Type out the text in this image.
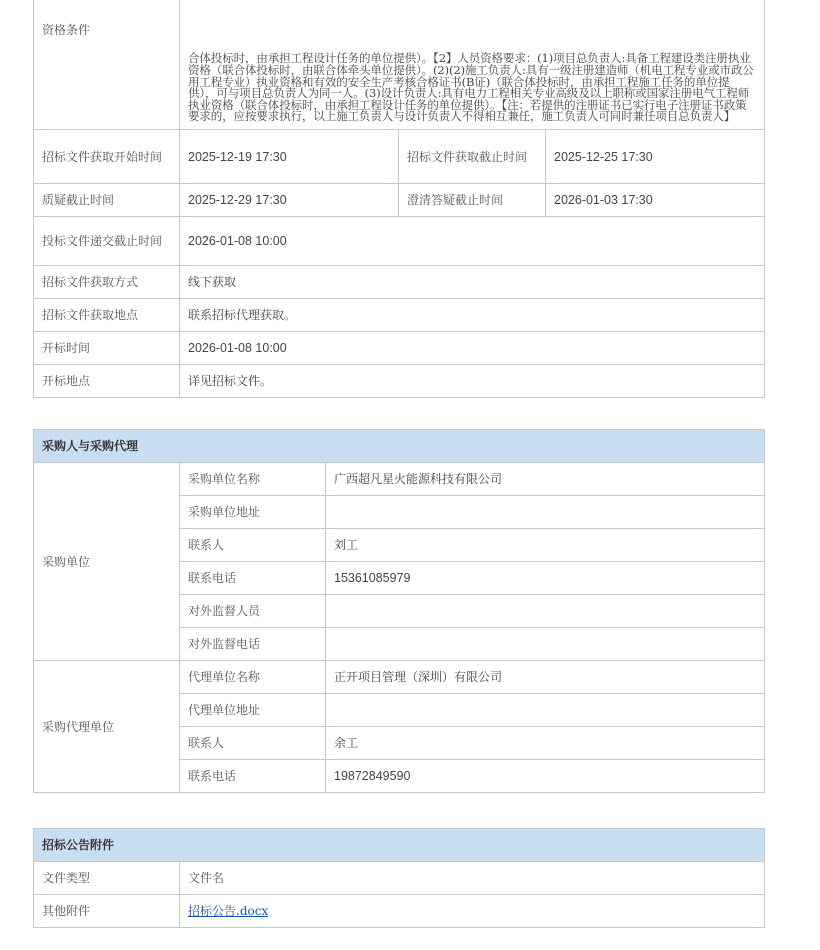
资格条件	合体投标时，由承担工程设计任务的单位提供）。【2】人员资格要求：(1)项目总负责人:具备工程建设类注册执业资格（联合体投标时，由联合体牵头单位提供）。(2)(2)施工负责人:具有一级注册建造师（机电工程专业或市政公用工程专业）执业资格和有效的安全生产考核合格证书(B证)（联合体投标时，由承担工程施工任务的单位提供），可与项目总负责人为同一人。(3)设计负责人:具有电力工程相关专业高级及以上职称或国家注册电气工程师执业资格（联合体投标时，由承担工程设计任务的单位提供）。【注：若提供的注册证书已实行电子注册证书政策要求的，应按要求执行，以上施工负责人与设计负责人不得相互兼任，施工负责人可同时兼任项目总负责人】		
招标文件获取开始时间	2025-12-19 17:30	招标文件获取截止时间	2025-12-25 17:30
质疑截止时间	2025-12-29 17:30	澄清答疑截止时间	2026-01-03 17:30
投标文件递交截止时间	2026-01-08 10:00		
招标文件获取方式	线下获取		
招标文件获取地点	联系招标代理获取。		
开标时间	2026-01-08 10:00		
开标地点	详见招标文件。		
采购人与采购代理		
采购单位	采购单位名称	广西超凡星火能源科技有限公司
	采购单位地址	
	联系人	刘工
	联系电话	15361085979
	对外监督人员	
	对外监督电话	
采购代理单位	代理单位名称	正开项目管理（深圳）有限公司
	代理单位地址	
	联系人	余工
	联系电话	19872849590
招标公告附件	
文件类型	文件名
其他附件	招标公告.docx
